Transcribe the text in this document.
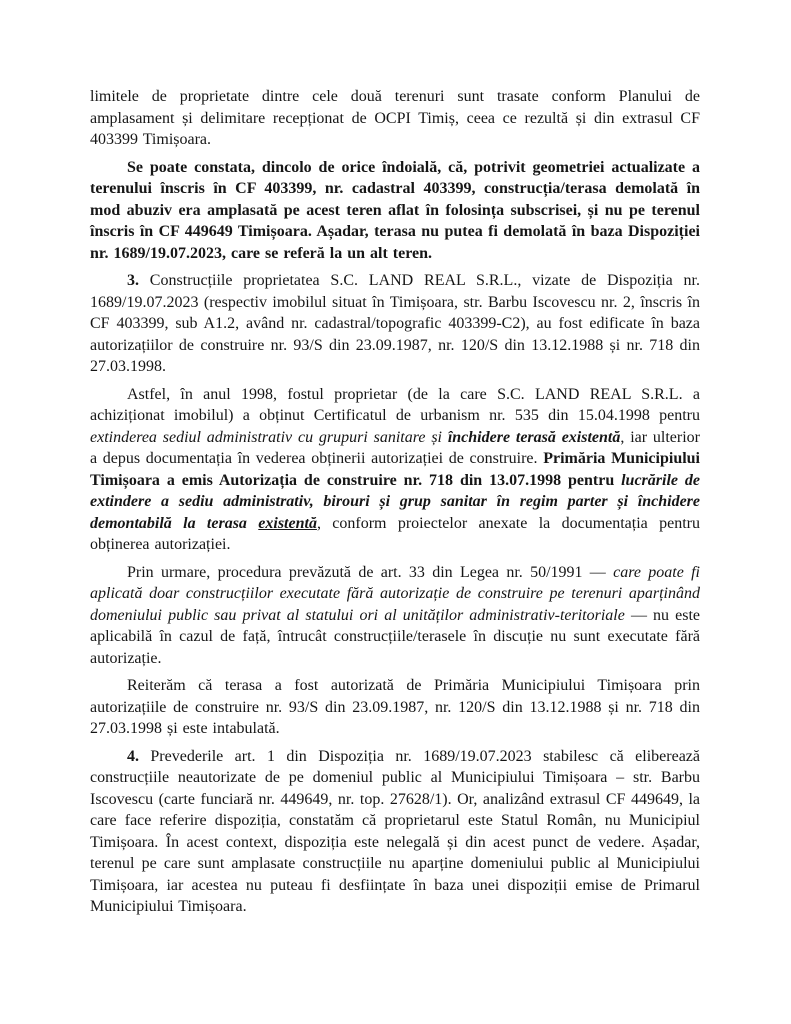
limitele de proprietate dintre cele două terenuri sunt trasate conform Planului de amplasament și delimitare recepționat de OCPI Timiș, ceea ce rezultă și din extrasul CF 403399 Timișoara.

Se poate constata, dincolo de orice îndoială, că, potrivit geometriei actualizate a terenului înscris în CF 403399, nr. cadastral 403399, construcția/terasa demolată în mod abuziv era amplasată pe acest teren aflat în folosința subscrisei, și nu pe terenul înscris în CF 449649 Timișoara. Așadar, terasa nu putea fi demolată în baza Dispoziției nr. 1689/19.07.2023, care se referă la un alt teren.

3. Construcțiile proprietatea S.C. LAND REAL S.R.L., vizate de Dispoziția nr. 1689/19.07.2023 (respectiv imobilul situat în Timișoara, str. Barbu Iscovescu nr. 2, înscris în CF 403399, sub A1.2, având nr. cadastral/topografic 403399-C2), au fost edificate în baza autorizațiilor de construire nr. 93/S din 23.09.1987, nr. 120/S din 13.12.1988 și nr. 718 din 27.03.1998.

Astfel, în anul 1998, fostul proprietar (de la care S.C. LAND REAL S.R.L. a achiziționat imobilul) a obținut Certificatul de urbanism nr. 535 din 15.04.1998 pentru extinderea sediul administrativ cu grupuri sanitare și închidere terasă existentă, iar ulterior a depus documentația în vederea obținerii autorizației de construire. Primăria Municipiului Timișoara a emis Autorizația de construire nr. 718 din 13.07.1998 pentru lucrările de extindere a sediu administrativ, birouri și grup sanitar în regim parter și închidere demontabilă la terasa existentă, conform proiectelor anexate la documentația pentru obținerea autorizației.

Prin urmare, procedura prevăzută de art. 33 din Legea nr. 50/1991 — care poate fi aplicată doar construcțiilor executate fără autorizație de construire pe terenuri aparținând domeniului public sau privat al statului ori al unităților administrativ-teritoriale — nu este aplicabilă în cazul de față, întrucât construcțiile/terasele în discuție nu sunt executate fără autorizație.

Reiterăm că terasa a fost autorizată de Primăria Municipiului Timișoara prin autorizațiile de construire nr. 93/S din 23.09.1987, nr. 120/S din 13.12.1988 și nr. 718 din 27.03.1998 și este intabulată.

4. Prevederile art. 1 din Dispoziția nr. 1689/19.07.2023 stabilesc că eliberează construcțiile neautorizate de pe domeniul public al Municipiului Timișoara – str. Barbu Iscovescu (carte funciară nr. 449649, nr. top. 27628/1). Or, analizând extrasul CF 449649, la care face referire dispoziția, constatăm că proprietarul este Statul Român, nu Municipiul Timișoara. În acest context, dispoziția este nelegală și din acest punct de vedere. Așadar, terenul pe care sunt amplasate construcțiile nu aparține domeniului public al Municipiului Timișoara, iar acestea nu puteau fi desființate în baza unei dispoziții emise de Primarul Municipiului Timișoara.
